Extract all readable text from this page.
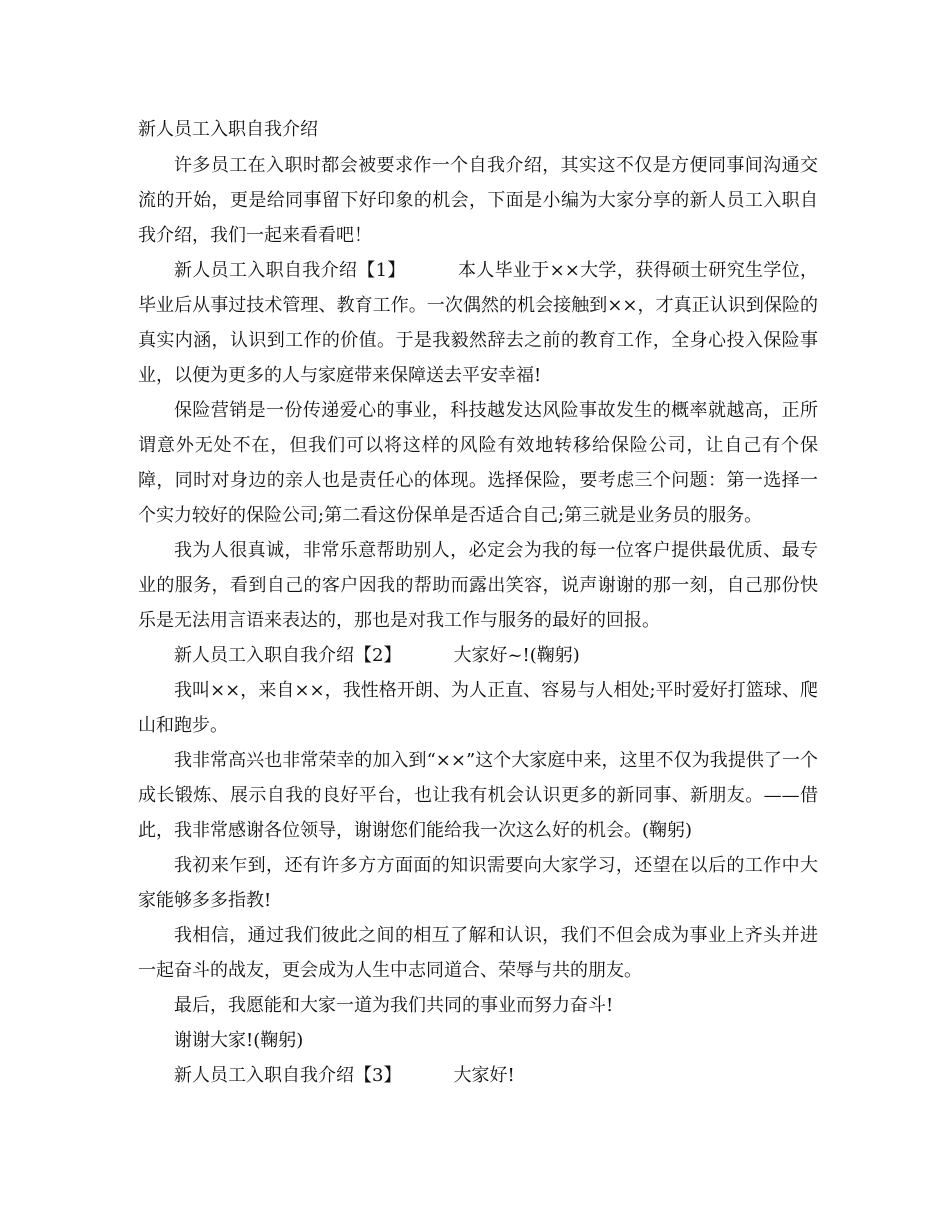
新人员工入职自我介绍

许多员工在入职时都会被要求作一个自我介绍，其实这不仅是方便同事间沟通交流的开始，更是给同事留下好印象的机会，下面是小编为大家分享的新人员工入职自我介绍，我们一起来看看吧！

新人员工入职自我介绍【1】	本人毕业于××大学，获得硕士研究生学位，毕业后从事过技术管理、教育工作。一次偶然的机会接触到××，才真正认识到保险的真实内涵，认识到工作的价值。于是我毅然辞去之前的教育工作，全身心投入保险事业，以便为更多的人与家庭带来保障送去平安幸福!

保险营销是一份传递爱心的事业，科技越发达风险事故发生的概率就越高，正所谓意外无处不在，但我们可以将这样的风险有效地转移给保险公司，让自己有个保障，同时对身边的亲人也是责任心的体现。选择保险，要考虑三个问题：第一选择一个实力较好的保险公司;第二看这份保单是否适合自己;第三就是业务员的服务。

我为人很真诚，非常乐意帮助别人，必定会为我的每一位客户提供最优质、最专业的服务，看到自己的客户因我的帮助而露出笑容，说声谢谢的那一刻，自己那份快乐是无法用言语来表达的，那也是对我工作与服务的最好的回报。

新人员工入职自我介绍【2】	大家好~!(鞠躬)

我叫××，来自××，我性格开朗、为人正直、容易与人相处;平时爱好打篮球、爬山和跑步。

我非常高兴也非常荣幸的加入到“××”这个大家庭中来，这里不仅为我提供了一个成长锻炼、展示自我的良好平台，也让我有机会认识更多的新同事、新朋友。——借此，我非常感谢各位领导，谢谢您们能给我一次这么好的机会。(鞠躬)

我初来乍到，还有许多方方面面的知识需要向大家学习，还望在以后的工作中大家能够多多指教!

我相信，通过我们彼此之间的相互了解和认识，我们不但会成为事业上齐头并进一起奋斗的战友，更会成为人生中志同道合、荣辱与共的朋友。

最后，我愿能和大家一道为我们共同的事业而努力奋斗!

谢谢大家!(鞠躬)

新人员工入职自我介绍【3】	大家好!
